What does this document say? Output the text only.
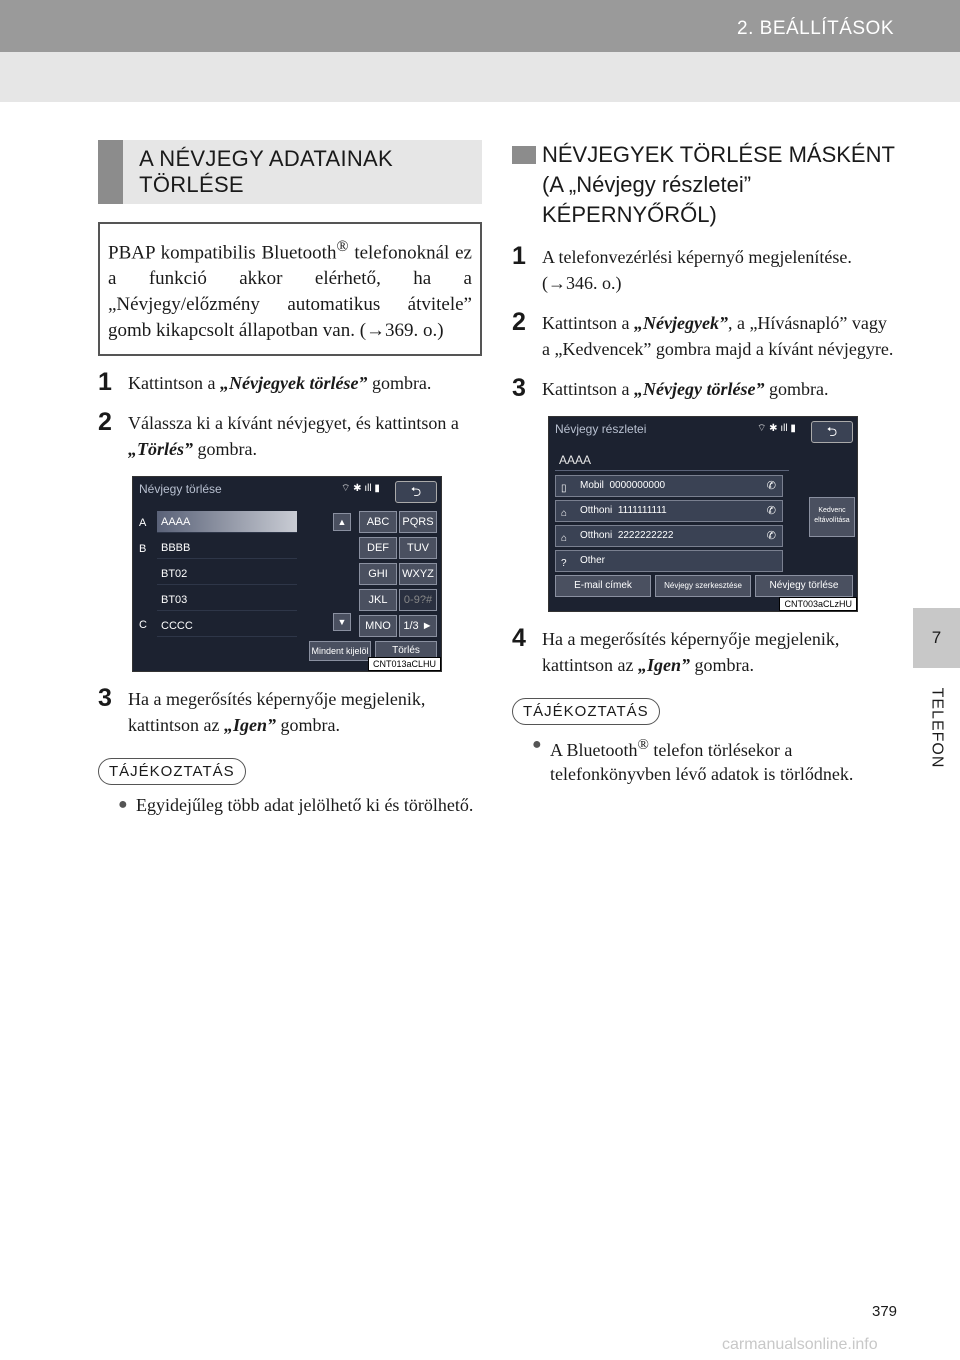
2. BEÁLLÍTÁSOK
7
TELEFON
A NÉVJEGY ADATAINAK TÖRLÉSE
PBAP kompatibilis Bluetooth® telefonoknál ez a funkció akkor elérhető, ha a „Névjegy/előzmény automatikus átvitele” gomb kikapcsolt állapotban van. (→369. o.)
1 Kattintson a „Névjegyek törlése” gombra.
2 Válassza ki a kívánt névjegyet, és kattintson a „Törlés” gombra.
Névjegy törlése	⌔ ✱ ıll ▮	⮌
A
B
C
AAAA
BBBB
BT02
BT03
CCCC
▲
▼
ABC	PQRS
DEF	TUV
GHI	WXYZ
JKL	0-9?#
MNO	1/3 ►
Mindent kijelöl	Törlés
CNT013aCLHU
3 Ha a megerősítés képernyője megjelenik, kattintson az „Igen” gombra.
TÁJÉKOZTATÁS
● Egyidejűleg több adat jelölhető ki és törölhető.
NÉVJEGYEK TÖRLÉSE MÁSKÉNT (A „Névjegy részletei” KÉPERNYŐRŐL)
1 A telefonvezérlési képernyő megjelenítése. (→346. o.)
2 Kattintson a „Névjegyek”, a „Hívásnapló” vagy a „Kedvencek” gombra majd a kívánt névjegyre.
3 Kattintson a „Névjegy törlése” gombra.
Névjegy részletei	⌔ ✱ ıll ▮	⮌
AAAA
▯ Mobil 0000000000	✆
⌂ Otthoni 1111111111	✆
⌂ Otthoni 2222222222	✆
? Other
Kedvenc eltávolítása
E-mail címek	Névjegy szerkesztése	Névjegy törlése
CNT003aCLzHU
4 Ha a megerősítés képernyője megjelenik, kattintson az „Igen” gombra.
TÁJÉKOZTATÁS
● A Bluetooth® telefon törlésekor a telefonkönyvben lévő adatok is törlődnek.
379
carmanualsonline.info
